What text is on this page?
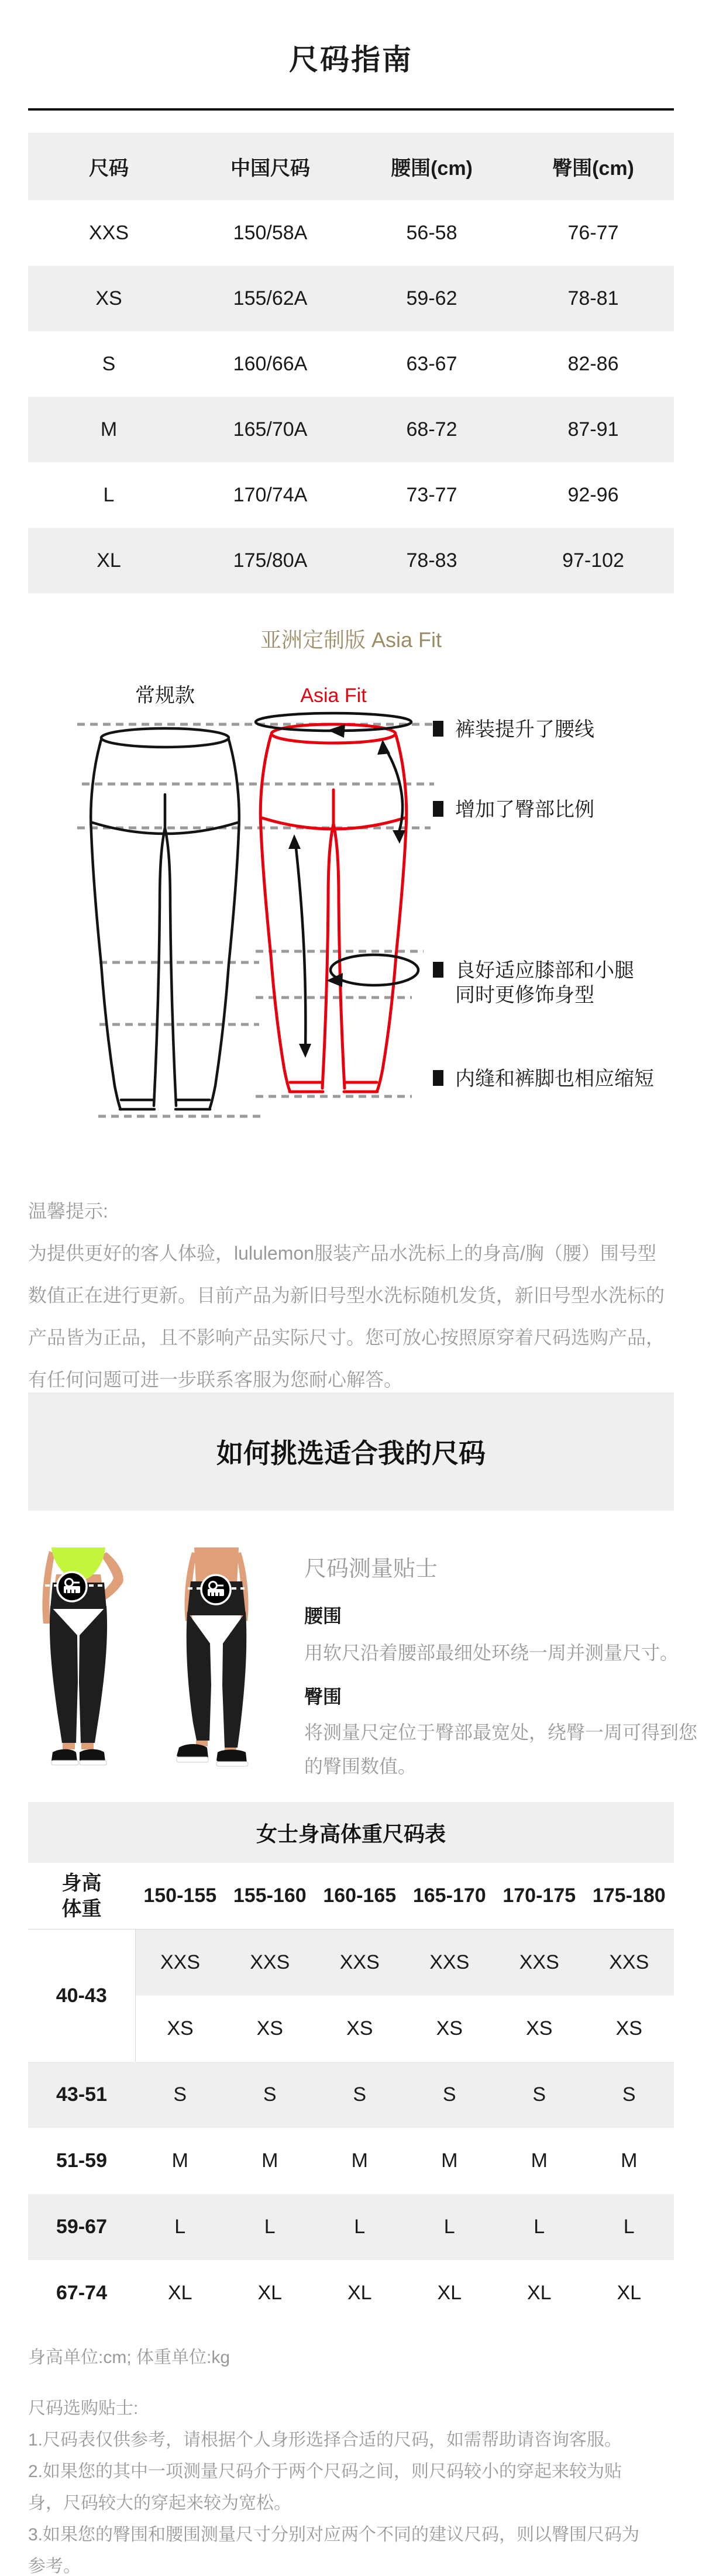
尺码指南
尺码	中国尺码	腰围(cm)	臀围(cm)
XXS	150/58A	56-58	76-77
XS	155/62A	59-62	78-81
S	160/66A	63-67	82-86
M	165/70A	68-72	87-91
L	170/74A	73-77	92-96
XL	175/80A	78-83	97-102
亚洲定制版 Asia Fit
常规款	Asia Fit
裤装提升了腰线
增加了臀部比例
良好适应膝部和小腿
同时更修饰身型
内缝和裤脚也相应缩短
温馨提示:
为提供更好的客人体验，lululemon服装产品水洗标上的身高/胸（腰）围号型
数值正在进行更新。目前产品为新旧号型水洗标随机发货，新旧号型水洗标的
产品皆为正品，且不影响产品实际尺寸。您可放心按照原穿着尺码选购产品，
有任何问题可进一步联系客服为您耐心解答。
如何挑选适合我的尺码
尺码测量贴士
腰围
用软尺沿着腰部最细处环绕一周并测量尺寸。
臀围
将测量尺定位于臀部最宽处，绕臀一周可得到您的臀围数值。
女士身高体重尺码表
身高
体重	150-155	155-160	160-165	165-170	170-175	175-180
40-43	XXS	XXS	XXS	XXS	XXS	XXS
	XS	XS	XS	XS	XS	XS
43-51	S	S	S	S	S	S
51-59	M	M	M	M	M	M
59-67	L	L	L	L	L	L
67-74	XL	XL	XL	XL	XL	XL
身高单位:cm; 体重单位:kg
尺码选购贴士:
1.尺码表仅供参考，请根据个人身形选择合适的尺码，如需帮助请咨询客服。
2.如果您的其中一项测量尺码介于两个尺码之间，则尺码较小的穿起来较为贴身，尺码较大的穿起来较为宽松。
3.如果您的臀围和腰围测量尺寸分别对应两个不同的建议尺码，则以臀围尺码为参考。
